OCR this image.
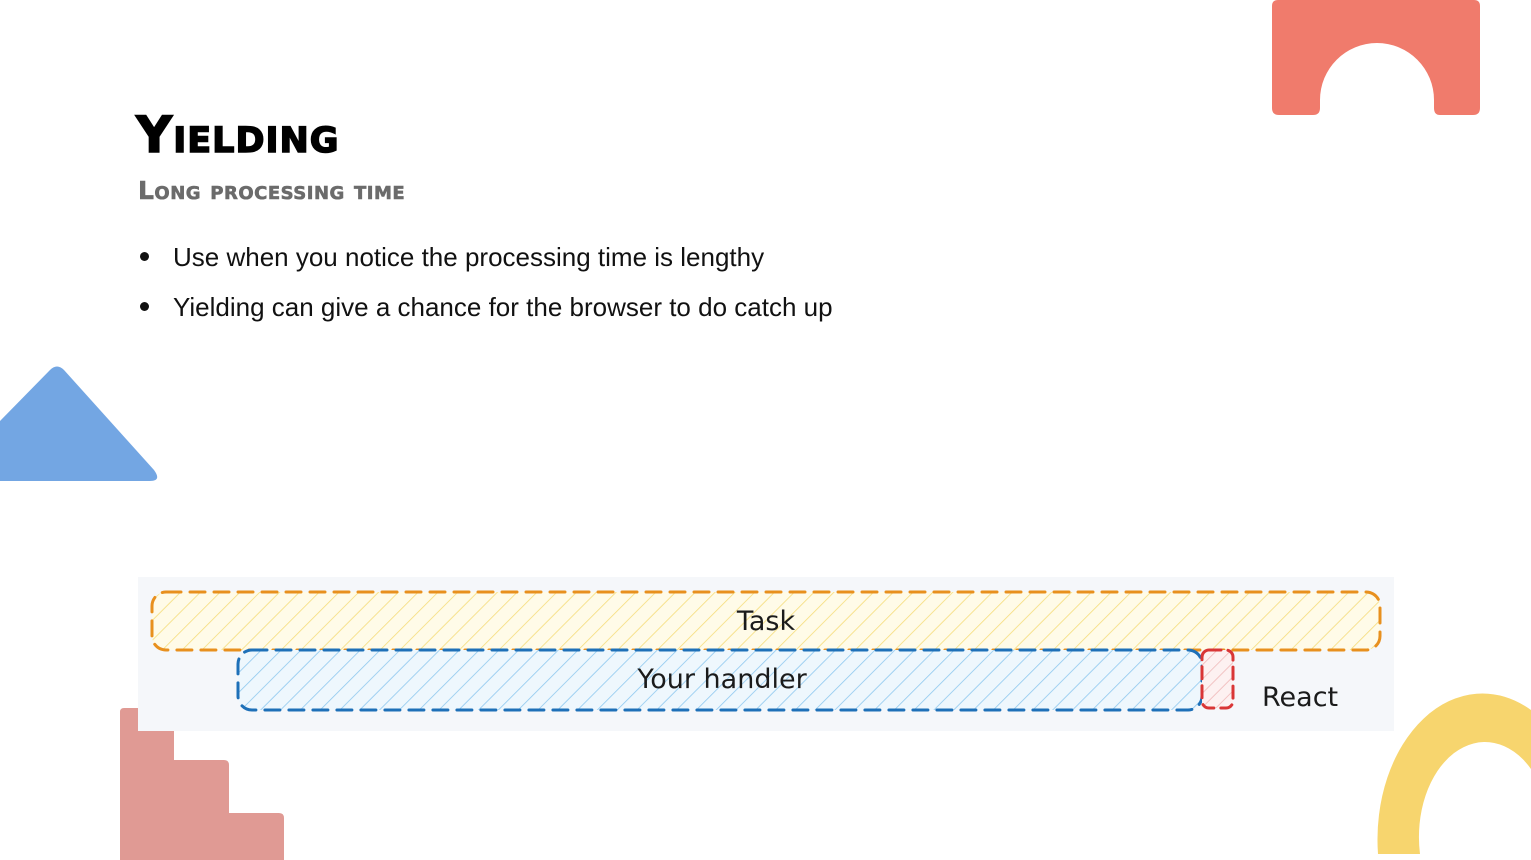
Yielding
Long processing time
Use when you notice the processing time is lengthy
Yielding can give a chance for the browser to do catch up
Task
Your handler
React
